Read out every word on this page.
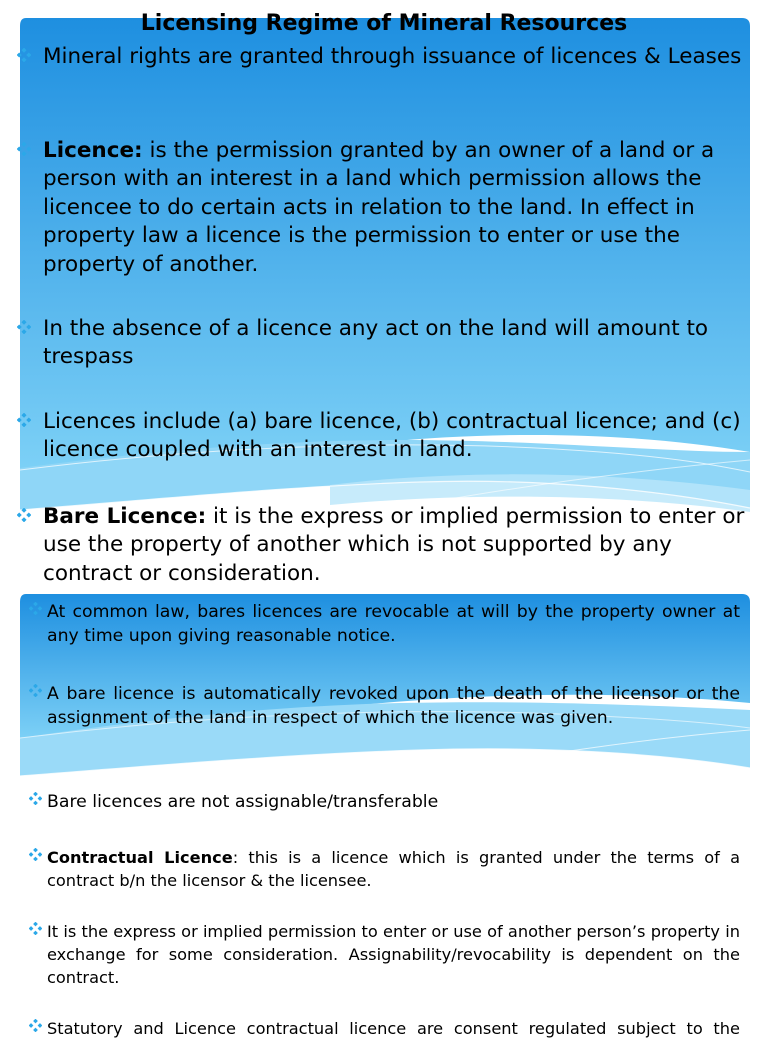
Licensing Regime of Mineral Resources
Mineral rights are granted through issuance of licences & Leases
Licence: is the permission granted by an owner of a land or a person with an interest in a land which permission allows the licencee to do certain acts in relation to the land. In effect in property law a licence is the permission to enter or use the property of another.
In the absence of a licence any act on the land will amount to trespass
Licences include (a) bare licence, (b) contractual licence; and (c) licence coupled with an interest in land.
Bare Licence: it is the express or implied permission to enter or use the property of another which is not supported by any contract or consideration.
At common law, bares licences are revocable at will by the property owner at any time upon giving reasonable notice.
A bare licence is automatically revoked upon the death of the licensor or the assignment of the land in respect of which the licence was given.
Bare licences are not assignable/transferable
Contractual Licence: this is a licence which is granted under the terms of a contract b/n the licensor & the licensee.
It is the express or implied permission to enter or use of another person’s property in exchange for some consideration. Assignability/revocability is dependent on the contract.
Statutory and Licence contractual licence are consent regulated subject to the
